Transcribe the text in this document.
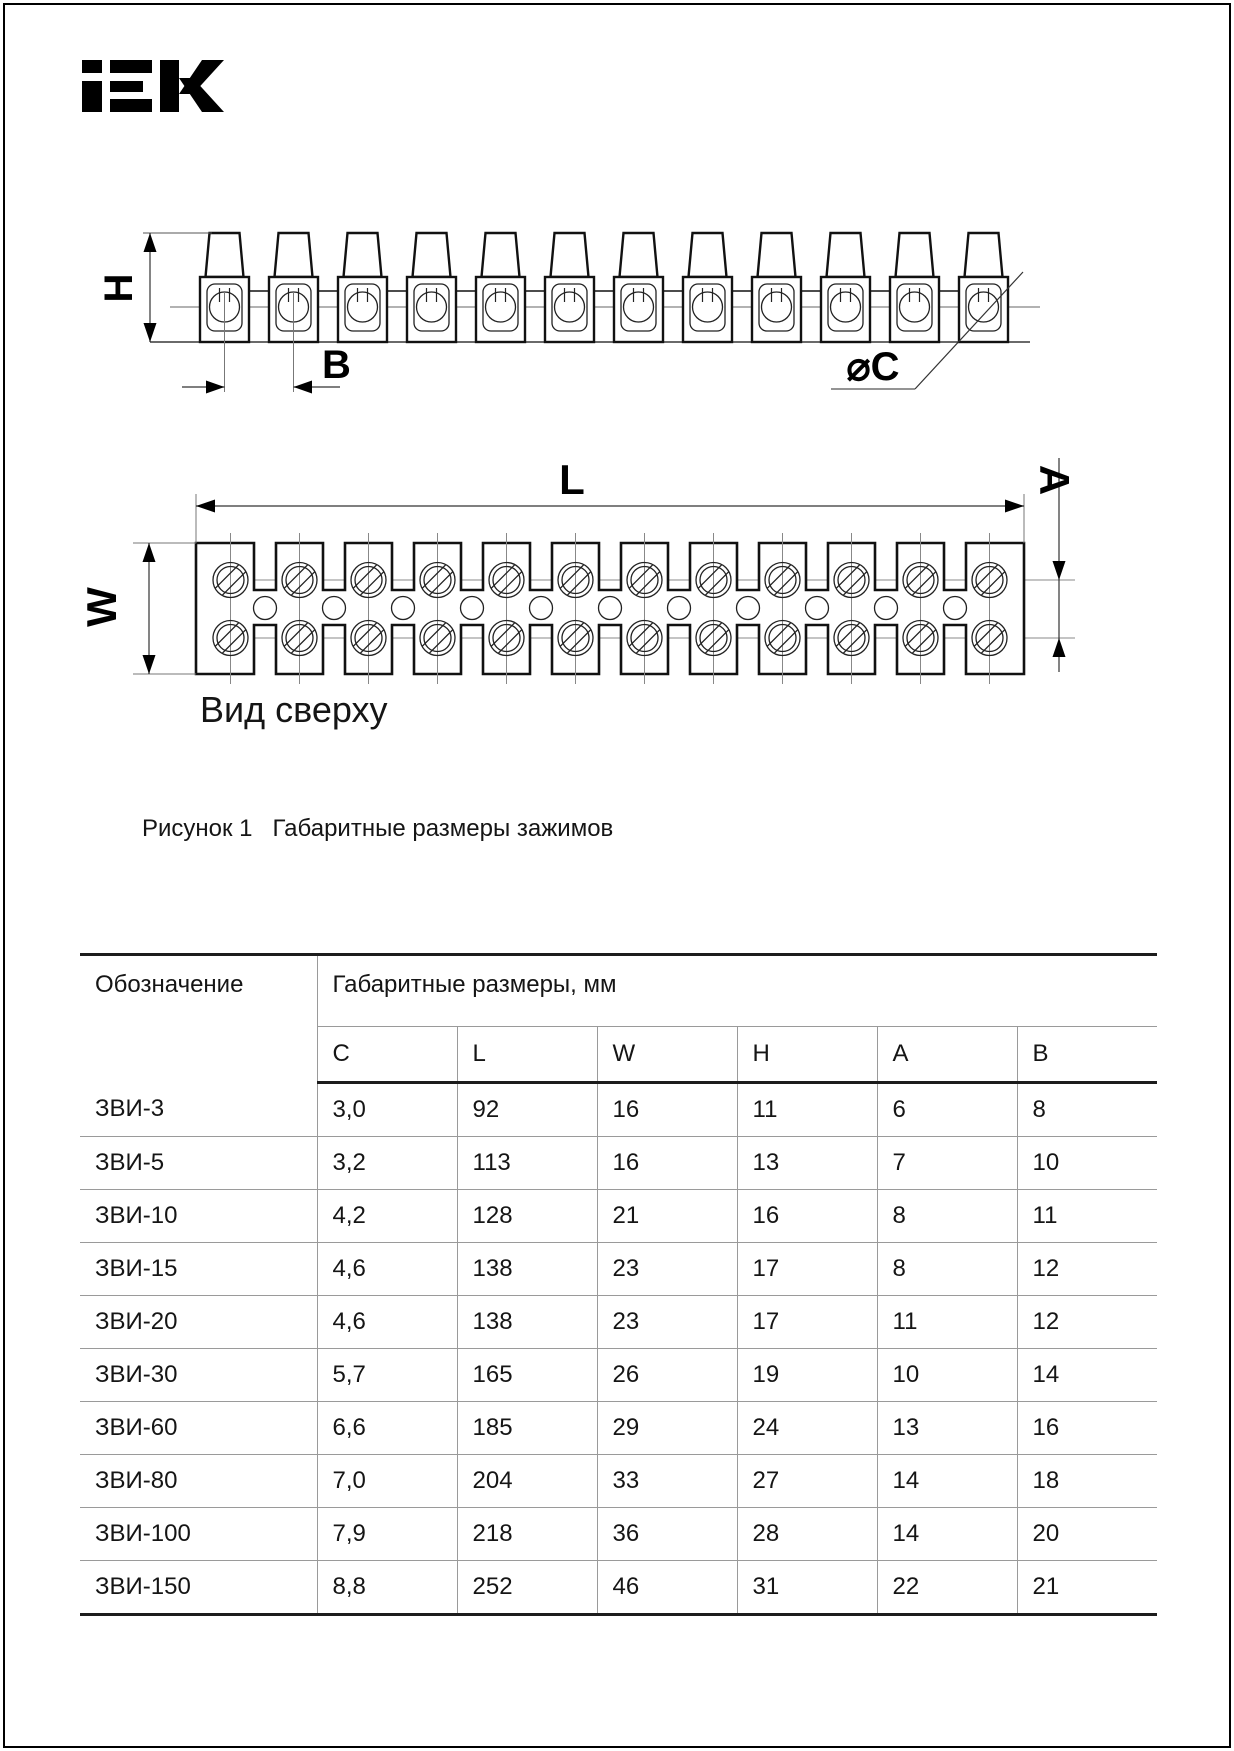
H
B	⌀C
L	A
W
Вид сверху
Рисунок 1   Габаритные размеры зажимов
Обозначение	Габаритные размеры, мм					
	C	L	W	H	A	B
ЗВИ-3	3,0	92	16	11	6	8
ЗВИ-5	3,2	113	16	13	7	10
ЗВИ-10	4,2	128	21	16	8	11
ЗВИ-15	4,6	138	23	17	8	12
ЗВИ-20	4,6	138	23	17	11	12
ЗВИ-30	5,7	165	26	19	10	14
ЗВИ-60	6,6	185	29	24	13	16
ЗВИ-80	7,0	204	33	27	14	18
ЗВИ-100	7,9	218	36	28	14	20
ЗВИ-150	8,8	252	46	31	22	21
